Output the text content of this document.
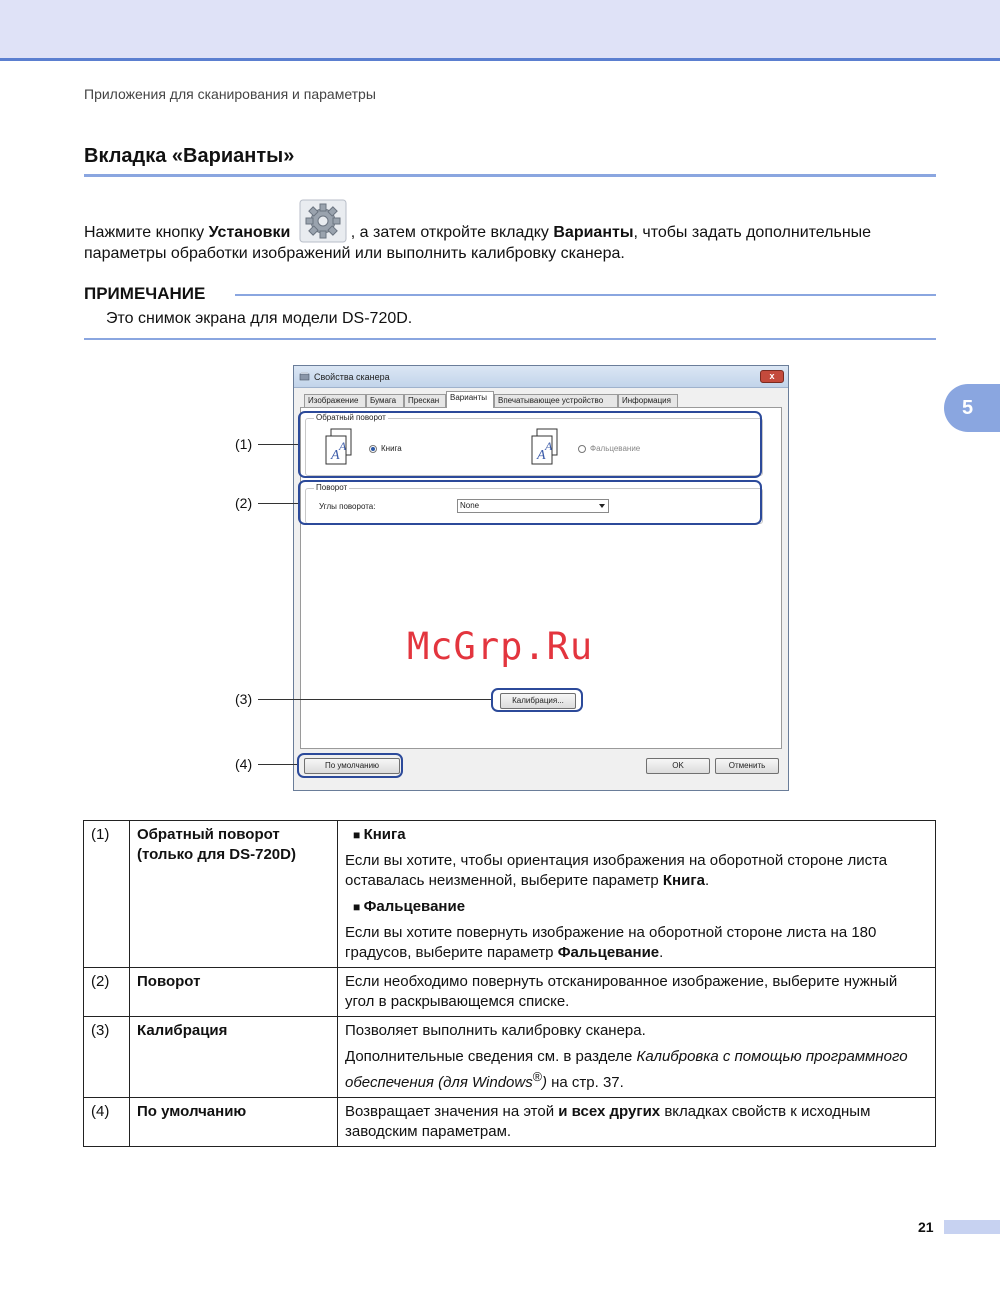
Приложения для сканирования и параметры
Вкладка «Варианты»
Нажмите кнопку Установки	, а затем откройте вкладку Варианты, чтобы задать дополнительные
параметры обработки изображений или выполнить калибровку сканера.
ПРИМЕЧАНИЕ
Это снимок экрана для модели DS-720D.
5
Свойства сканера	x
Изображение	Бумага	Прескан	Варианты	Впечатывающее устройство	Информация
Обратный поворот
A
A	Книга	A
A	Фальцевание
Поворот
Углы поворота:	None
Калибрация...
По умолчанию	OK	Отменить
(1)
(2)
(3)
(4)
McGrp.Ru
(1)	Обратный поворот (только для DS-720D)	■ Книга

Если вы хотите, чтобы ориентация изображения на оборотной стороне листа оставалась неизменной, выберите параметр Книга.

■ Фальцевание

Если вы хотите повернуть изображение на оборотной стороне листа на 180 градусов, выберите параметр Фальцевание.

(2)	Поворот	Если необходимо повернуть отсканированное изображение, выберите нужный угол в раскрывающемся списке.
(3)	Калибрация	Позволяет выполнить калибровку сканера.

Дополнительные сведения см. в разделе Калибровка с помощью программного обеспечения (для Windows®) на стр. 37.

(4)	По умолчанию	Возвращает значения на этой и всех других вкладках свойств к исходным заводским параметрам.
21
